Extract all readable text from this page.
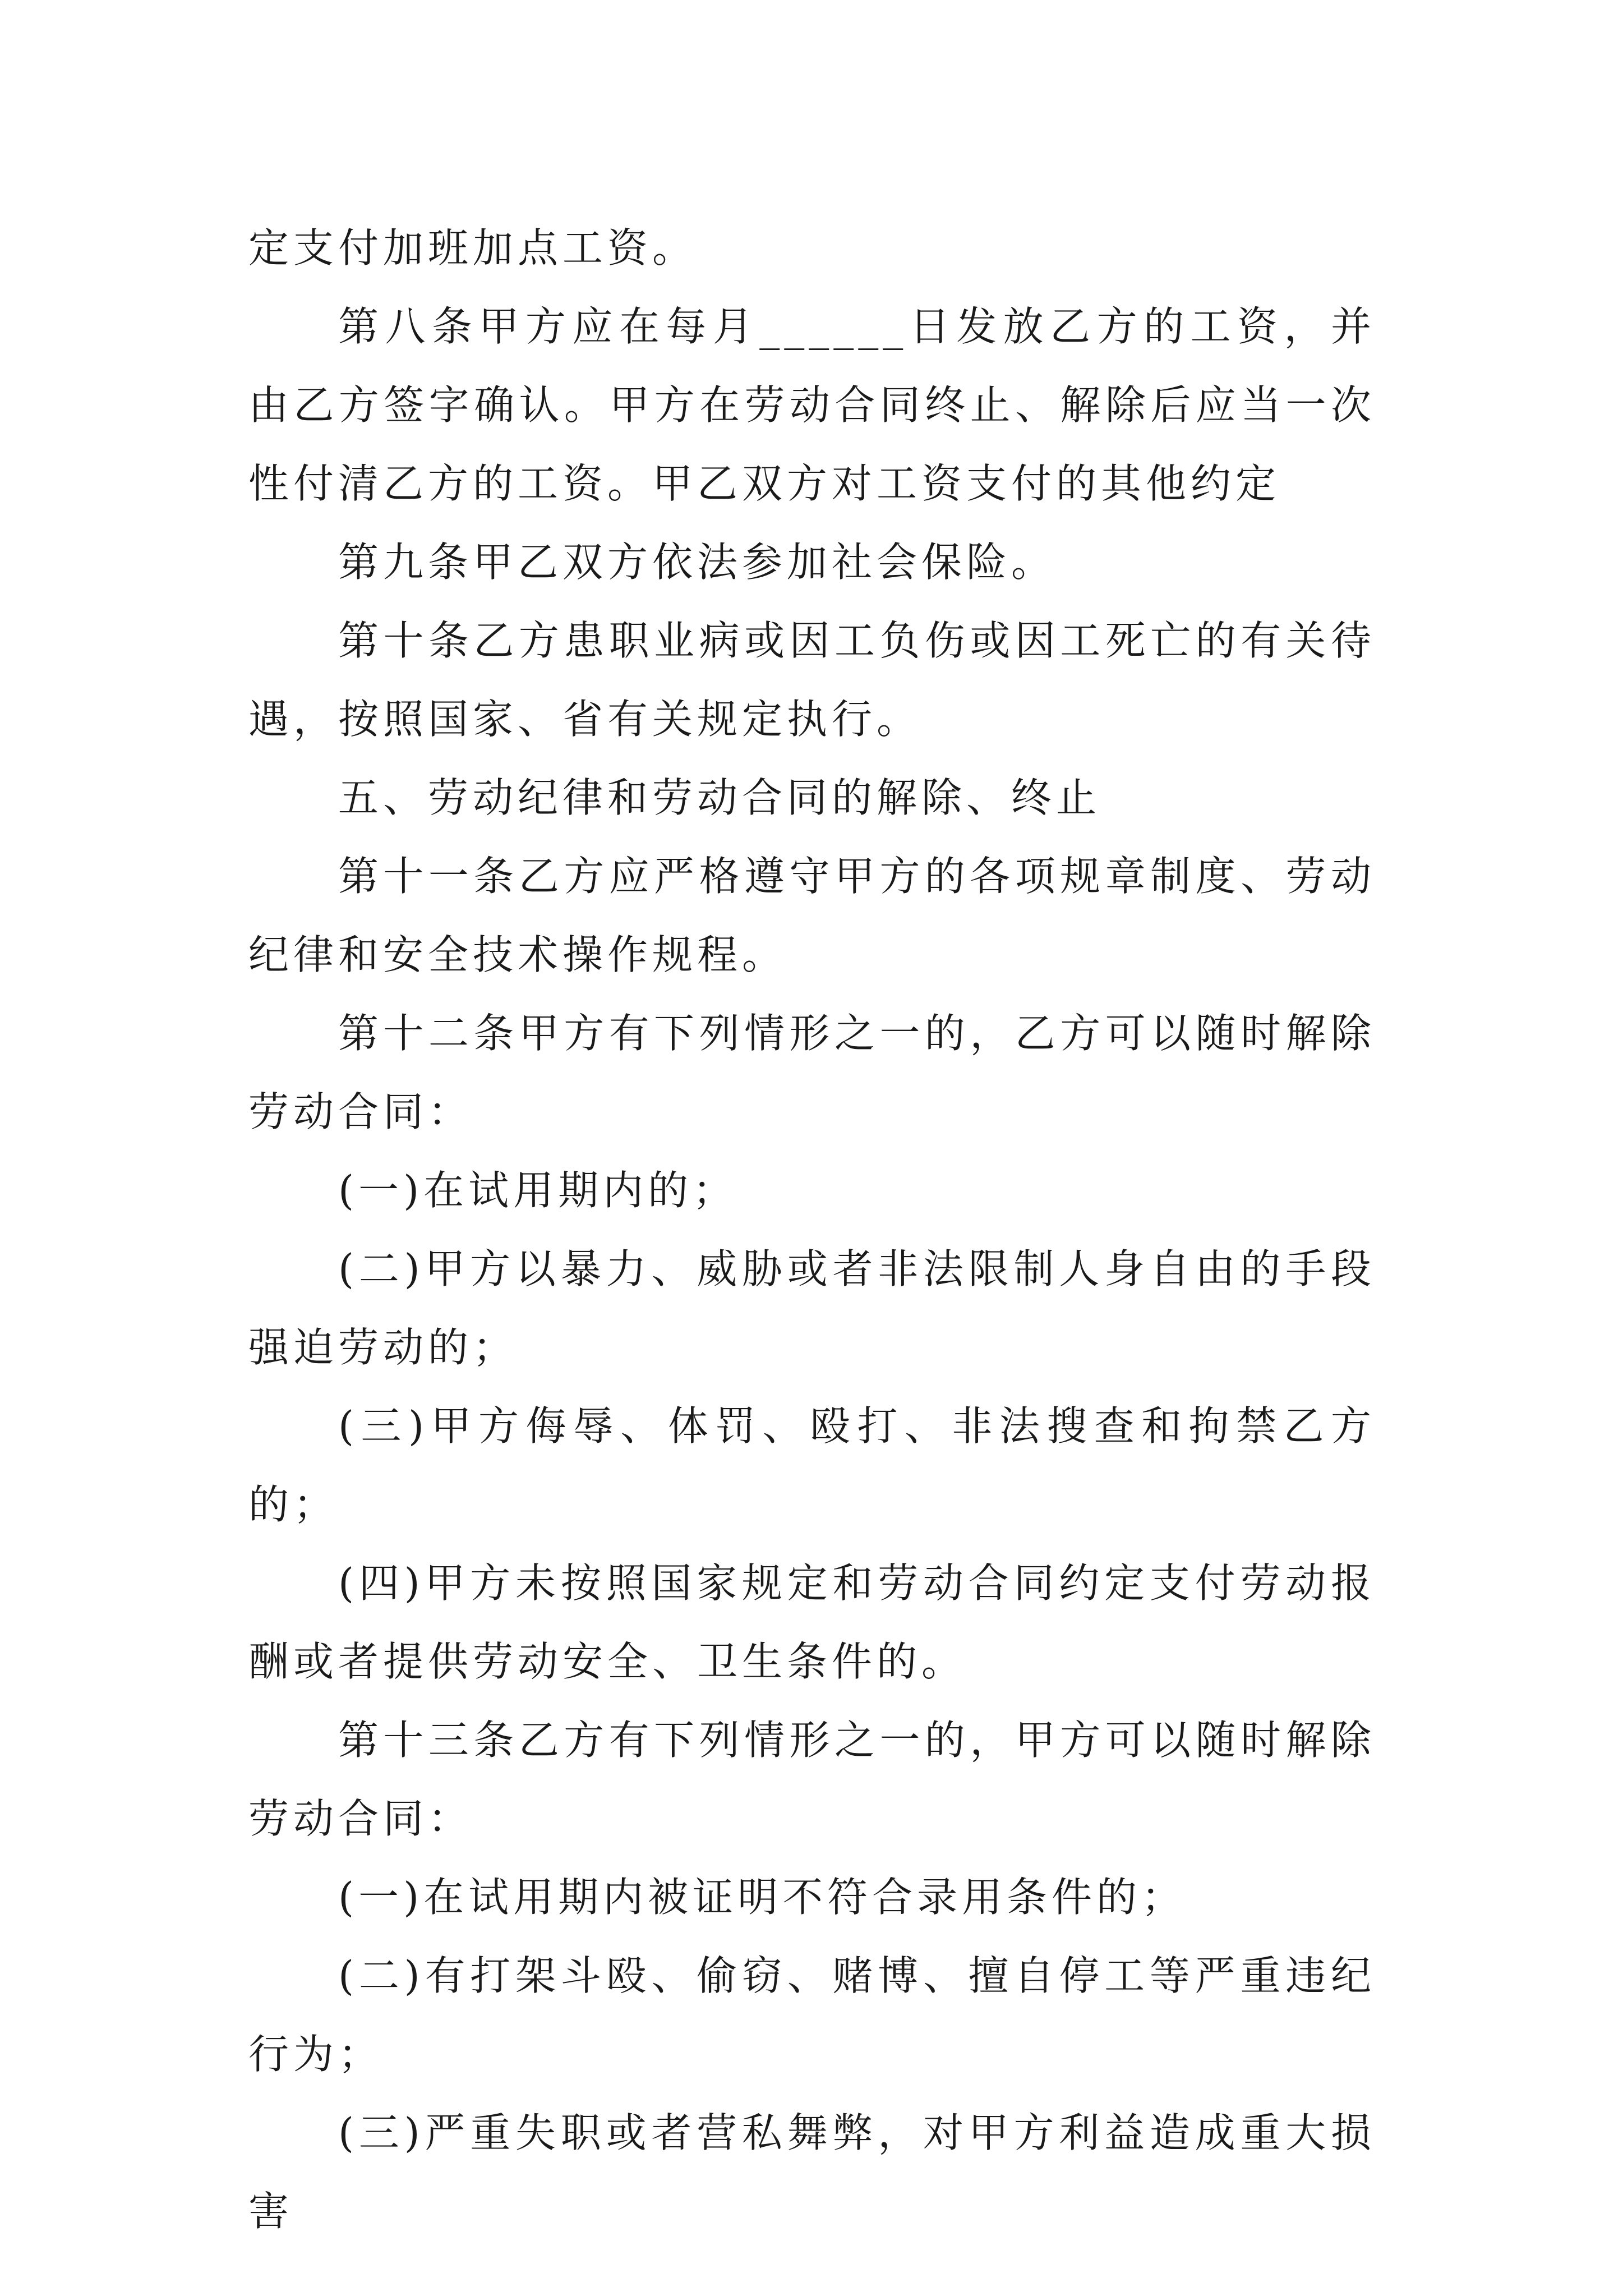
定支付加班加点工资。

第八条甲方应在每月______日发放乙方的工资，并由乙方签字确认。甲方在劳动合同终止、解除后应当一次性付清乙方的工资。甲乙双方对工资支付的其他约定

第九条甲乙双方依法参加社会保险。

第十条乙方患职业病或因工负伤或因工死亡的有关待遇，按照国家、省有关规定执行。

五、劳动纪律和劳动合同的解除、终止

第十一条乙方应严格遵守甲方的各项规章制度、劳动纪律和安全技术操作规程。

第十二条甲方有下列情形之一的，乙方可以随时解除劳动合同：

(一)在试用期内的；

(二)甲方以暴力、威胁或者非法限制人身自由的手段强迫劳动的；

(三)甲方侮辱、体罚、殴打、非法搜查和拘禁乙方的；

(四)甲方未按照国家规定和劳动合同约定支付劳动报酬或者提供劳动安全、卫生条件的。

第十三条乙方有下列情形之一的，甲方可以随时解除劳动合同：

(一)在试用期内被证明不符合录用条件的；

(二)有打架斗殴、偷窃、赌博、擅自停工等严重违纪行为；

(三)严重失职或者营私舞弊，对甲方利益造成重大损害
